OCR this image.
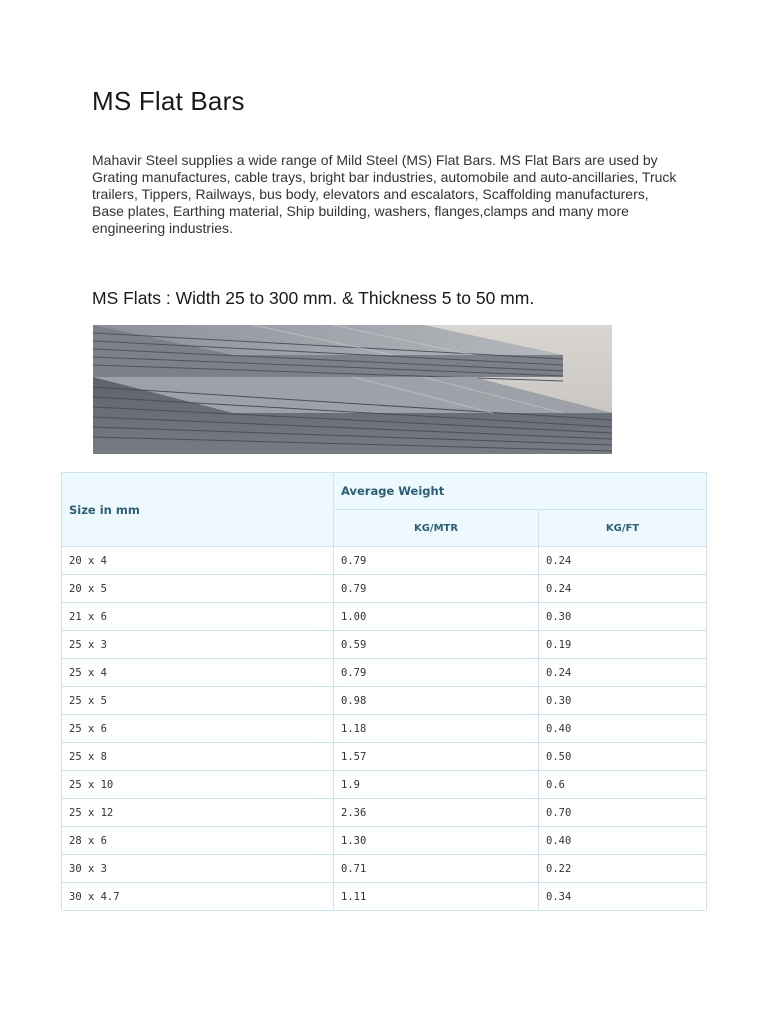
MS Flat Bars

Mahavir Steel supplies a wide range of Mild Steel (MS) Flat Bars. MS Flat Bars are used by Grating manufactures, cable trays, bright bar industries, automobile and auto-ancillaries, Truck trailers, Tippers, Railways, bus body, elevators and escalators, Scaffolding manufacturers, Base plates, Earthing material, Ship building, washers, flanges,clamps and many more engineering industries.

MS Flats : Width 25 to 300 mm. & Thickness 5 to 50 mm.
Size in mm	Average Weight	
	KG/MTR	KG/FT
20 x 4	0.79	0.24
20 x 5	0.79	0.24
21 x 6	1.00	0.30
25 x 3	0.59	0.19
25 x 4	0.79	0.24
25 x 5	0.98	0.30
25 x 6	1.18	0.40
25 x 8	1.57	0.50
25 x 10	1.9	0.6
25 x 12	2.36	0.70
28 x 6	1.30	0.40
30 x 3	0.71	0.22
30 x 4.7	1.11	0.34
